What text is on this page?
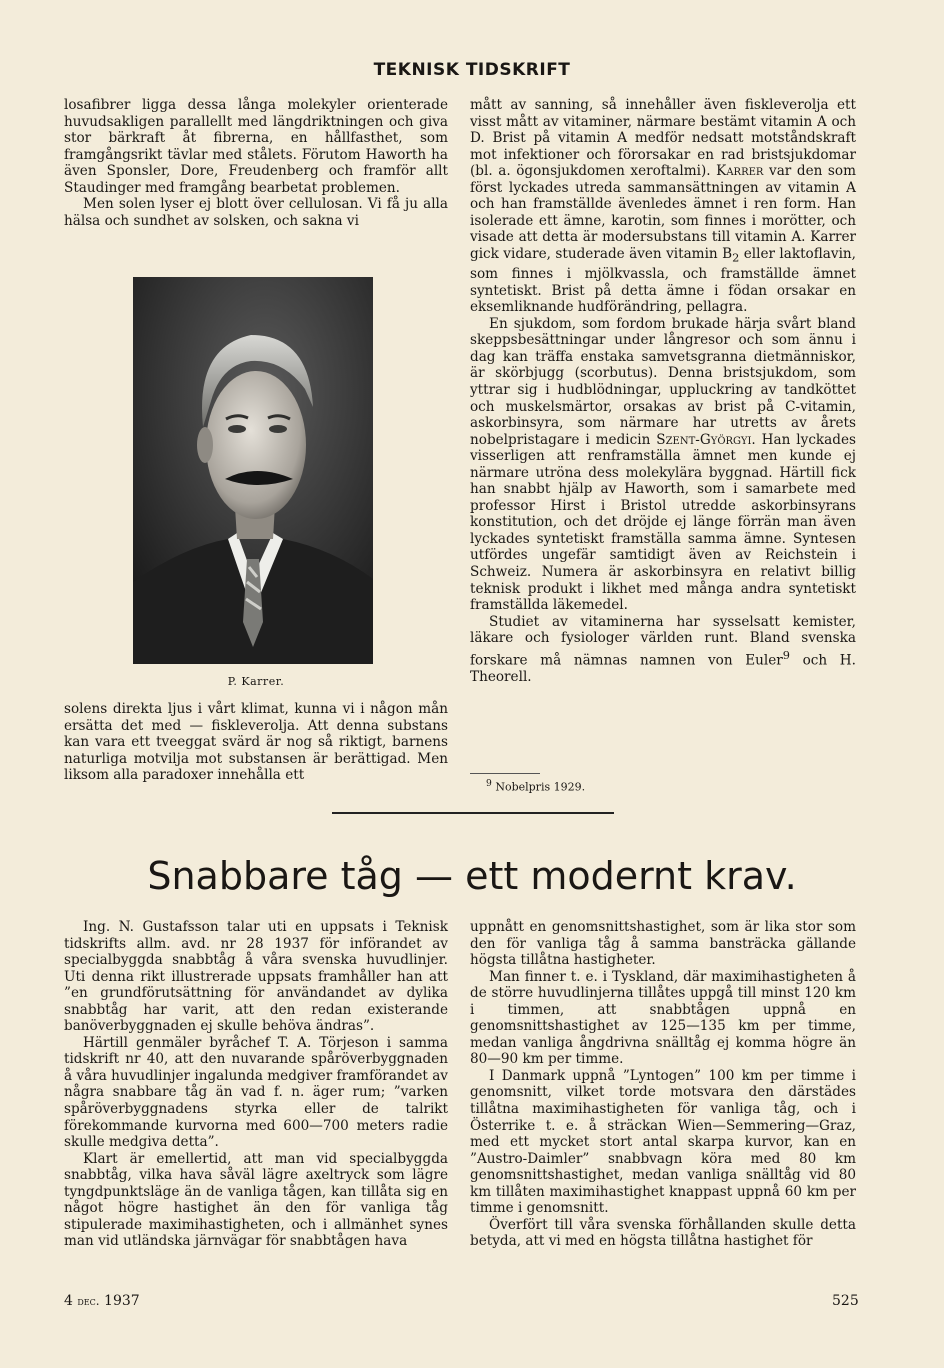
TEKNISK TIDSKRIFT

losafibrer ligga dessa långa molekyler orienterade huvudsakligen parallellt med längdriktningen och giva stor bärkraft åt fibrerna, en hållfasthet, som framgångsrikt tävlar med stålets. Förutom Haworth ha även Sponsler, Dore, Freudenberg och framför allt Staudinger med framgång bearbetat problemen.

Men solen lyser ej blott över cellulosan. Vi få ju alla hälsa och sundhet av solsken, och sakna vi

P. Karrer.

solens direkta ljus i vårt klimat, kunna vi i någon mån ersätta det med — fiskleverolja. Att denna substans kan vara ett tveeggat svärd är nog så riktigt, barnens naturliga motvilja mot substansen är berättigad. Men liksom alla paradoxer innehålla ett

mått av sanning, så innehåller även fiskleverolja ett visst mått av vitaminer, närmare bestämt vitamin A och D. Brist på vitamin A medför nedsatt motståndskraft mot infektioner och förorsakar en rad bristsjukdomar (bl. a. ögonsjukdomen xeroftalmi). Karrer var den som först lyckades utreda sammansättningen av vitamin A och han framställde ävenledes ämnet i ren form. Han isolerade ett ämne, karotin, som finnes i morötter, och visade att detta är modersubstans till vitamin A. Karrer gick vidare, studerade även vitamin $B_2$ eller laktoflavin, som finnes i mjölkvassla, och framställde ämnet syntetiskt. Brist på detta ämne i födan orsakar en eksemliknande hudförändring, pellagra.

En sjukdom, som fordom brukade härja svårt bland skeppsbesättningar under långresor och som ännu i dag kan träffa enstaka samvetsgranna dietmänniskor, är skörbjugg (scorbutus). Denna bristsjukdom, som yttrar sig i hudblödningar, uppluckring av tandköttet och muskelsmärtor, orsakas av brist på C-vitamin, askorbinsyra, som närmare har utretts av årets nobelpristagare i medicin Szent-Györgyi. Han lyckades visserligen att renframställa ämnet men kunde ej närmare utröna dess molekylära byggnad. Härtill fick han snabbt hjälp av Haworth, som i samarbete med professor Hirst i Bristol utredde askorbinsyrans konstitution, och det dröjde ej länge förrän man även lyckades syntetiskt framställa samma ämne. Syntesen utfördes ungefär samtidigt även av Reichstein i Schweiz. Numera är askorbinsyra en relativt billig teknisk produkt i likhet med många andra syntetiskt framställda läkemedel.

Studiet av vitaminerna har sysselsatt kemister, läkare och fysiologer världen runt. Bland svenska forskare må nämnas namnen von Euler$^9$ och H. Theorell.

$^9$ Nobelpris 1929.
Snabbare tåg — ett modernt krav.

Ing. N. Gustafsson talar uti en uppsats i Teknisk tidskrifts allm. avd. nr 28 1937 för införandet av specialbyggda snabbtåg å våra svenska huvudlinjer. Uti denna rikt illustrerade uppsats framhåller han att ”en grundförutsättning för användandet av dylika snabbtåg har varit, att den redan existerande banöverbyggnaden ej skulle behöva ändras”.

Härtill genmäler byråchef T. A. Törjeson i samma tidskrift nr 40, att den nuvarande spåröverbyggnaden å våra huvudlinjer ingalunda medgiver framförandet av några snabbare tåg än vad f. n. äger rum; ”varken spåröverbyggnadens styrka eller de talrikt förekommande kurvorna med 600—700 meters radie skulle medgiva detta”.

Klart är emellertid, att man vid specialbyggda snabbtåg, vilka hava såväl lägre axeltryck som lägre tyngdpunktsläge än de vanliga tågen, kan tillåta sig en något högre hastighet än den för vanliga tåg stipulerade maximihastigheten, och i allmänhet synes man vid utländska järnvägar för snabbtågen hava

uppnått en genomsnittshastighet, som är lika stor som den för vanliga tåg å samma bansträcka gällande högsta tillåtna hastigheter.

Man finner t. e. i Tyskland, där maximihastigheten å de större huvudlinjerna tillåtes uppgå till minst 120 km i timmen, att snabbtågen uppnå en genomsnittshastighet av 125—135 km per timme, medan vanliga ångdrivna snälltåg ej komma högre än 80—90 km per timme.

I Danmark uppnå ”Lyntogen” 100 km per timme i genomsnitt, vilket torde motsvara den därstädes tillåtna maximihastigheten för vanliga tåg, och i Österrike t. e. å sträckan Wien—Semmering—Graz, med ett mycket stort antal skarpa kurvor, kan en ”Austro-Daimler” snabbvagn köra med 80 km genomsnittshastighet, medan vanliga snälltåg vid 80 km tillåten maximihastighet knappast uppnå 60 km per timme i genomsnitt.

Överfört till våra svenska förhållanden skulle detta betyda, att vi med en högsta tillåtna hastighet för

4 dec. 1937	525
